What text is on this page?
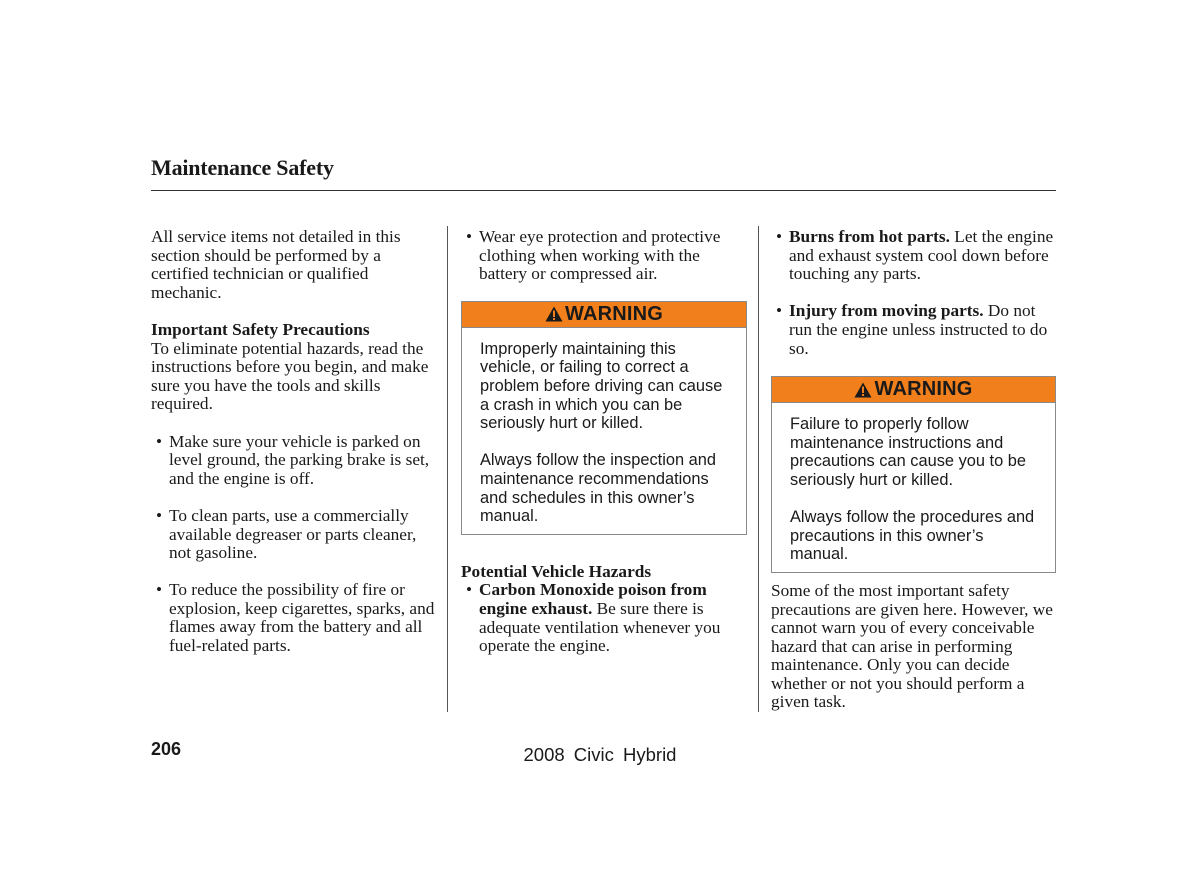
Maintenance Safety

All service items not detailed in this section should be performed by a certified technician or qualified mechanic.

Important Safety Precautions

To eliminate potential hazards, read the instructions before you begin, and make sure you have the tools and skills required.

• Make sure your vehicle is parked on level ground, the parking brake is set, and the engine is off.
• To clean parts, use a commercially available degreaser or parts cleaner, not gasoline.
• To reduce the possibility of fire or explosion, keep cigarettes, sparks, and flames away from the battery and all fuel-related parts.
• Wear eye protection and protective clothing when working with the battery or compressed air.
WARNING

Improperly maintaining this vehicle, or failing to correct a problem before driving can cause a crash in which you can be seriously hurt or killed.

Always follow the inspection and maintenance recommendations and schedules in this owner’s manual.

Potential Vehicle Hazards

• Carbon Monoxide poison from engine exhaust. Be sure there is adequate ventilation whenever you operate the engine.
• Burns from hot parts. Let the engine and exhaust system cool down before touching any parts.
• Injury from moving parts. Do not run the engine unless instructed to do so.
WARNING

Failure to properly follow maintenance instructions and precautions can cause you to be seriously hurt or killed.

Always follow the procedures and precautions in this owner’s manual.

Some of the most important safety precautions are given here. However, we cannot warn you of every conceivable hazard that can arise in performing maintenance. Only you can decide whether or not you should perform a given task.

206	2008 Civic Hybrid
